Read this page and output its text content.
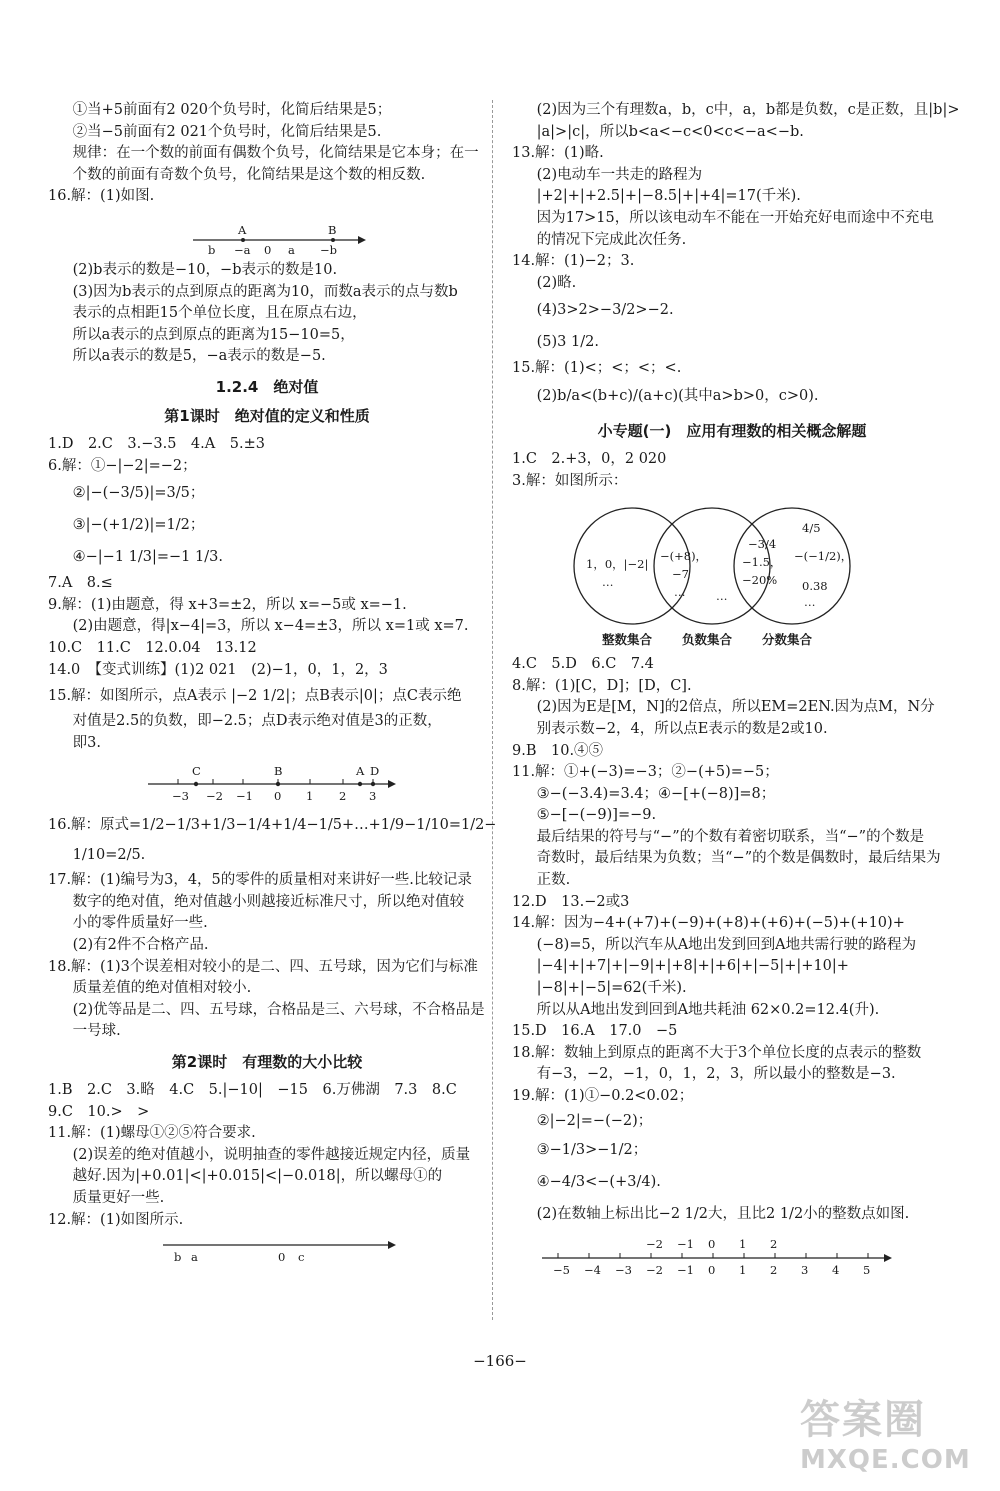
①当+5前面有2 020个负号时，化简后结果是5；

②当−5前面有2 021个负号时，化简后结果是5.

规律：在一个数的前面有偶数个负号，化简结果是它本身；在一

个数的前面有奇数个负号，化简结果是这个数的相反数.

16.解：(1)如图.

b −a 0 a −b
A	B

(2)b表示的数是−10，−b表示的数是10.

(3)因为b表示的点到原点的距离为10，而数a表示的点与数b

表示的点相距15个单位长度，且在原点右边，

所以a表示的点到原点的距离为15−10=5，

所以a表示的数是5，−a表示的数是−5.

1.2.4　绝对值

第1课时　绝对值的定义和性质

1.D　2.C　3.−3.5　4.A　5.±3

6.解：①−|−2|=−2；

②|−(−3/5)|=3/5；

③|−(+1/2)|=1/2；

④−|−1 1/3|=−1 1/3.

7.A　8.≤

9.解：(1)由题意，得 x+3=±2，所以 x=−5或 x=−1.

(2)由题意，得|x−4|=3，所以 x−4=±3，所以 x=1或 x=7.

10.C　11.C　12.0.04　13.12

14.0　【变式训练】(1)2 021　(2)−1，0，1，2，3

15.解：如图所示，点A表示 |−2 1/2|；点B表示|0|；点C表示绝

对值是2.5的负数，即−2.5；点D表示绝对值是3的正数，

即3.

−3 −2 −1 0 1 2 3
C	B	A D

16.解：原式=1/2−1/3+1/3−1/4+1/4−1/5+…+1/9−1/10=1/2−

1/10=2/5.

17.解：(1)编号为3，4，5的零件的质量相对来讲好一些.比较记录

数字的绝对值，绝对值越小则越接近标准尺寸，所以绝对值较

小的零件质量好一些.

(2)有2件不合格产品.

18.解：(1)3个误差相对较小的是二、四、五号球，因为它们与标准

质量差值的绝对值相对较小.

(2)优等品是二、四、五号球，合格品是三、六号球，不合格品是

一号球.

第2课时　有理数的大小比较

1.B　2.C　3.略　4.C　5.|−10|　−15　6.万佛湖　7.3　8.C

9.C　10.>　>

11.解：(1)螺母①②⑤符合要求.

(2)误差的绝对值越小，说明抽查的零件越接近规定内径，质量

越好.因为|+0.01|<|+0.015|<|−0.018|，所以螺母①的

质量更好一些.

12.解：(1)如图所示.

b a	0 c

(2)因为三个有理数a，b，c中，a，b都是负数，c是正数，且|b|>

|a|>|c|，所以b<a<−c<0<c<−a<−b.

13.解：(1)略.

(2)电动车一共走的路程为

|+2|+|+2.5|+|−8.5|+|+4|=17(千米).

因为17>15，所以该电动车不能在一开始充好电而途中不充电

的情况下完成此次任务.

14.解：(1)−2；3.

(2)略.

(4)3>2>−3/2>−2.

(5)3 1/2.

15.解：(1)<；<；<；<.

(2)b/a<(b+c)/(a+c)(其中a>b>0，c>0).

小专题(一)　应用有理数的相关概念解题

1.C　2.+3，0，2 020

3.解：如图所示：

1，0，|−2|
…
−(+8)，
−7
…
−3/4
−1.5，
−20%
…
4/5
−(−1/2)，
0.38
…
整数集合 负数集合 分数集合

4.C　5.D　6.C　7.4

8.解：(1)[C，D]；[D，C].

(2)因为E是[M，N]的2倍点，所以EM=2EN.因为点M，N分

别表示数−2，4，所以点E表示的数是2或10.

9.B　10.④⑤

11.解：①+(−3)=−3；②−(+5)=−5；

③−(−3.4)=3.4；④−[+(−8)]=8；

⑤−[−(−9)]=−9.

最后结果的符号与“−”的个数有着密切联系，当“−”的个数是

奇数时，最后结果为负数；当“−”的个数是偶数时，最后结果为

正数.

12.D　13.−2或3

14.解：因为−4+(+7)+(−9)+(+8)+(+6)+(−5)+(+10)+

(−8)=5，所以汽车从A地出发到回到A地共需行驶的路程为

|−4|+|+7|+|−9|+|+8|+|+6|+|−5|+|+10|+

|−8|+|−5|=62(千米).

所以从A地出发到回到A地共耗油 62×0.2=12.4(升).

15.D　16.A　17.0　−5

18.解：数轴上到原点的距离不大于3个单位长度的点表示的整数

有−3，−2，−1，0，1，2，3，所以最小的整数是−3.

19.解：(1)①−0.2<0.02；

②|−2|=−(−2)；

③−1/3>−1/2；

④−4/3<−(+3/4).

(2)在数轴上标出比−2 1/2大，且比2 1/2小的整数点如图.

−5 −4 −3 −2 −1 0 1 2 3 4 5
−2 −1 0 1 2
−166−
答案圈
MXQE.COM
